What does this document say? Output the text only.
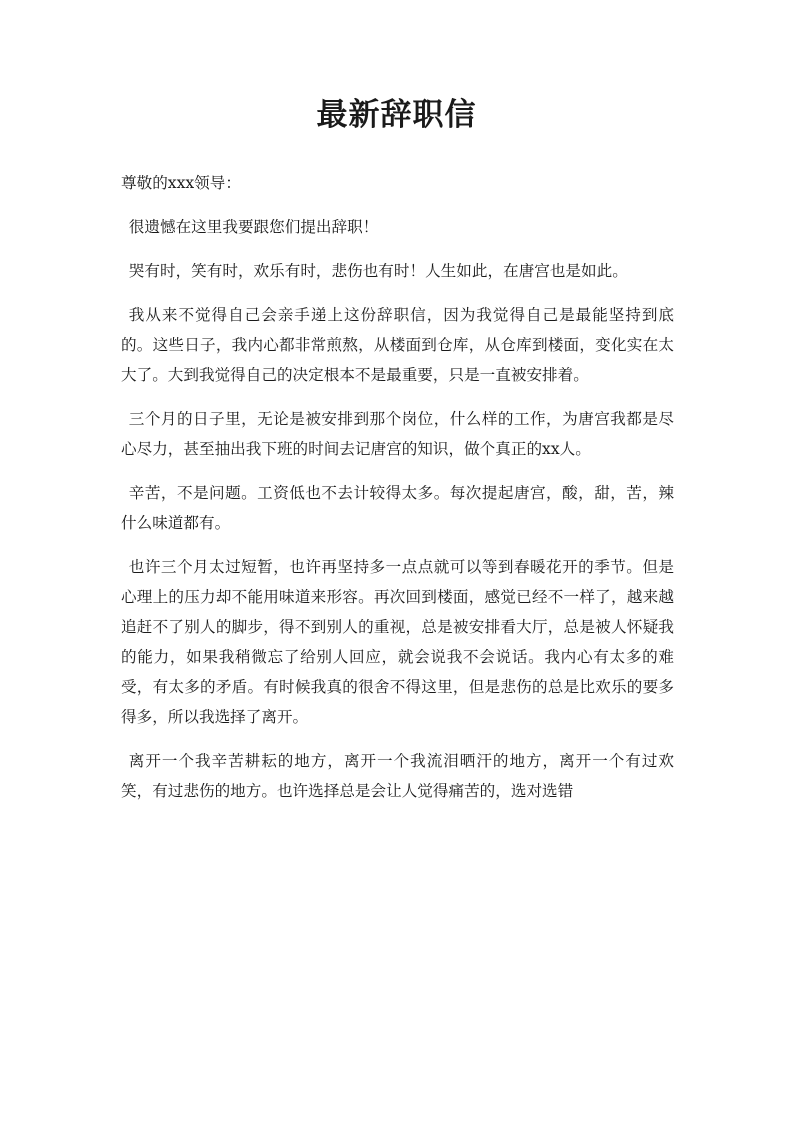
最新辞职信

尊敬的xxx领导：

很遗憾在这里我要跟您们提出辞职！

哭有时，笑有时，欢乐有时，悲伤也有时！人生如此，在唐宫也是如此。

我从来不觉得自己会亲手递上这份辞职信，因为我觉得自己是最能坚持到底的。这些日子，我内心都非常煎熬，从楼面到仓库，从仓库到楼面，变化实在太大了。大到我觉得自己的决定根本不是最重要，只是一直被安排着。

三个月的日子里，无论是被安排到那个岗位，什么样的工作，为唐宫我都是尽心尽力，甚至抽出我下班的时间去记唐宫的知识，做个真正的xx人。

辛苦，不是问题。工资低也不去计较得太多。每次提起唐宫，酸，甜，苦，辣什么味道都有。

也许三个月太过短暂，也许再坚持多一点点就可以等到春暖花开的季节。但是心理上的压力却不能用味道来形容。再次回到楼面，感觉已经不一样了，越来越追赶不了别人的脚步，得不到别人的重视，总是被安排看大厅，总是被人怀疑我的能力，如果我稍微忘了给别人回应，就会说我不会说话。我内心有太多的难受，有太多的矛盾。有时候我真的很舍不得这里，但是悲伤的总是比欢乐的要多得多，所以我选择了离开。

离开一个我辛苦耕耘的地方，离开一个我流泪晒汗的地方，离开一个有过欢笑，有过悲伤的地方。也许选择总是会让人觉得痛苦的，选对选错
